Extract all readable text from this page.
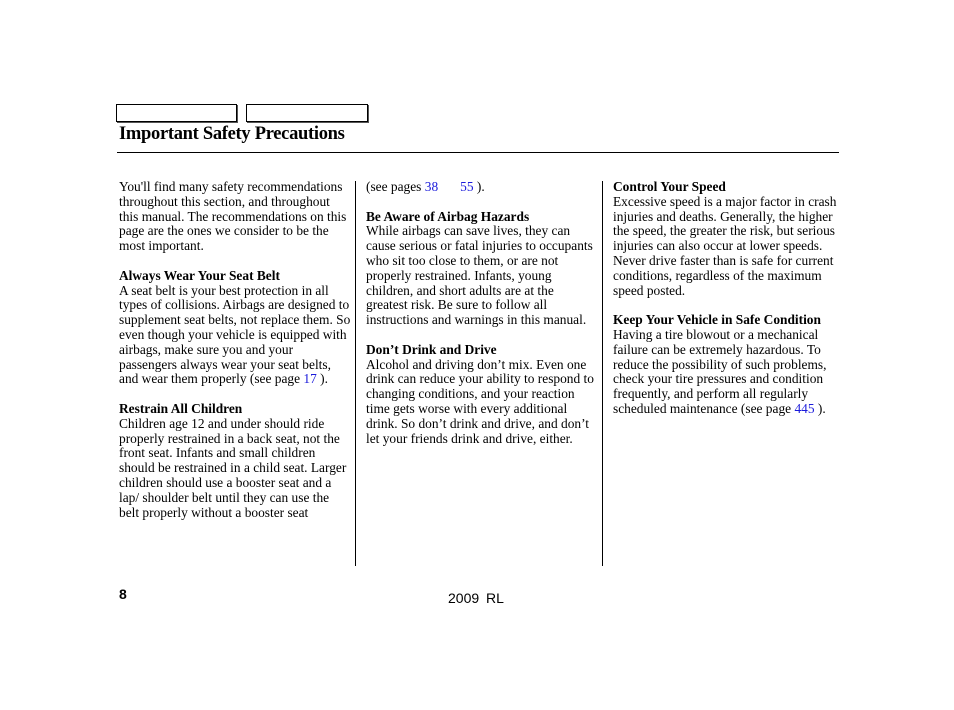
Important Safety Precautions

You'll find many safety recommendations throughout this section, and throughout this manual. The recommendations on this page are the ones we consider to be the most important.

Always Wear Your Seat Belt

A seat belt is your best protection in all types of collisions. Airbags are designed to supplement seat belts, not replace them. So even though your vehicle is equipped with airbags, make sure you and your passengers always wear your seat belts, and wear them properly (see page 17 ).

Restrain All Children

Children age 12 and under should ride properly restrained in a back seat, not the front seat. Infants and small children should be restrained in a child seat. Larger children should use a booster seat and a lap/ shoulder belt until they can use the belt properly without a booster seat

(see pages 38 55 ).

Be Aware of Airbag Hazards

While airbags can save lives, they can cause serious or fatal injuries to occupants who sit too close to them, or are not properly restrained. Infants, young children, and short adults are at the greatest risk. Be sure to follow all instructions and warnings in this manual.

Don’t Drink and Drive

Alcohol and driving don’t mix. Even one drink can reduce your ability to respond to changing conditions, and your reaction time gets worse with every additional drink. So don’t drink and drive, and don’t let your friends drink and drive, either.

Control Your Speed

Excessive speed is a major factor in crash injuries and deaths. Generally, the higher the speed, the greater the risk, but serious injuries can also occur at lower speeds. Never drive faster than is safe for current conditions, regardless of the maximum speed posted.

Keep Your Vehicle in Safe Condition

Having a tire blowout or a mechanical failure can be extremely hazardous. To reduce the possibility of such problems, check your tire pressures and condition frequently, and perform all regularly scheduled maintenance (see page 445 ).

8	2009 RL
